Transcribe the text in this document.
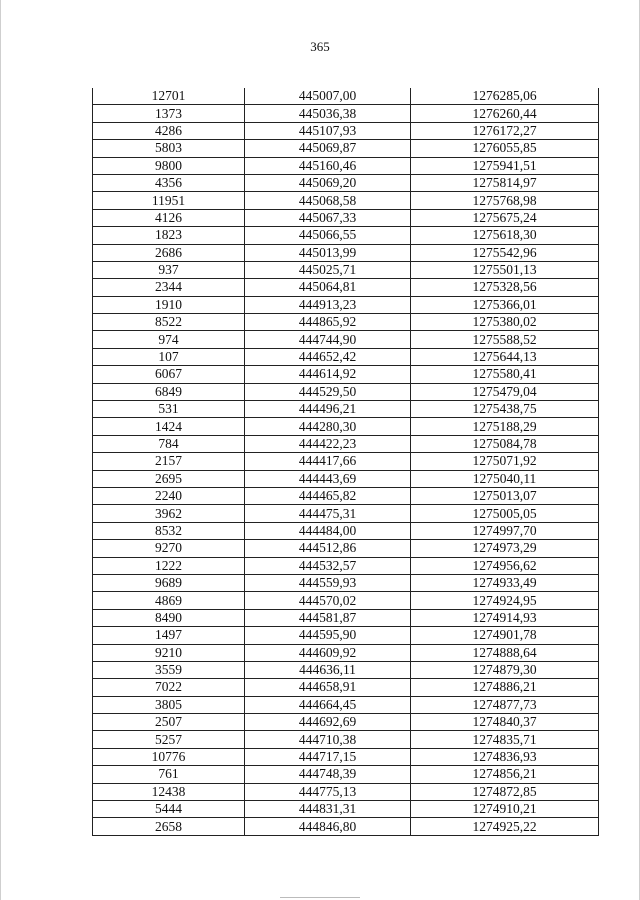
365
12701	445007,00	1276285,06
1373	445036,38	1276260,44
4286	445107,93	1276172,27
5803	445069,87	1276055,85
9800	445160,46	1275941,51
4356	445069,20	1275814,97
11951	445068,58	1275768,98
4126	445067,33	1275675,24
1823	445066,55	1275618,30
2686	445013,99	1275542,96
937	445025,71	1275501,13
2344	445064,81	1275328,56
1910	444913,23	1275366,01
8522	444865,92	1275380,02
974	444744,90	1275588,52
107	444652,42	1275644,13
6067	444614,92	1275580,41
6849	444529,50	1275479,04
531	444496,21	1275438,75
1424	444280,30	1275188,29
784	444422,23	1275084,78
2157	444417,66	1275071,92
2695	444443,69	1275040,11
2240	444465,82	1275013,07
3962	444475,31	1275005,05
8532	444484,00	1274997,70
9270	444512,86	1274973,29
1222	444532,57	1274956,62
9689	444559,93	1274933,49
4869	444570,02	1274924,95
8490	444581,87	1274914,93
1497	444595,90	1274901,78
9210	444609,92	1274888,64
3559	444636,11	1274879,30
7022	444658,91	1274886,21
3805	444664,45	1274877,73
2507	444692,69	1274840,37
5257	444710,38	1274835,71
10776	444717,15	1274836,93
761	444748,39	1274856,21
12438	444775,13	1274872,85
5444	444831,31	1274910,21
2658	444846,80	1274925,22
